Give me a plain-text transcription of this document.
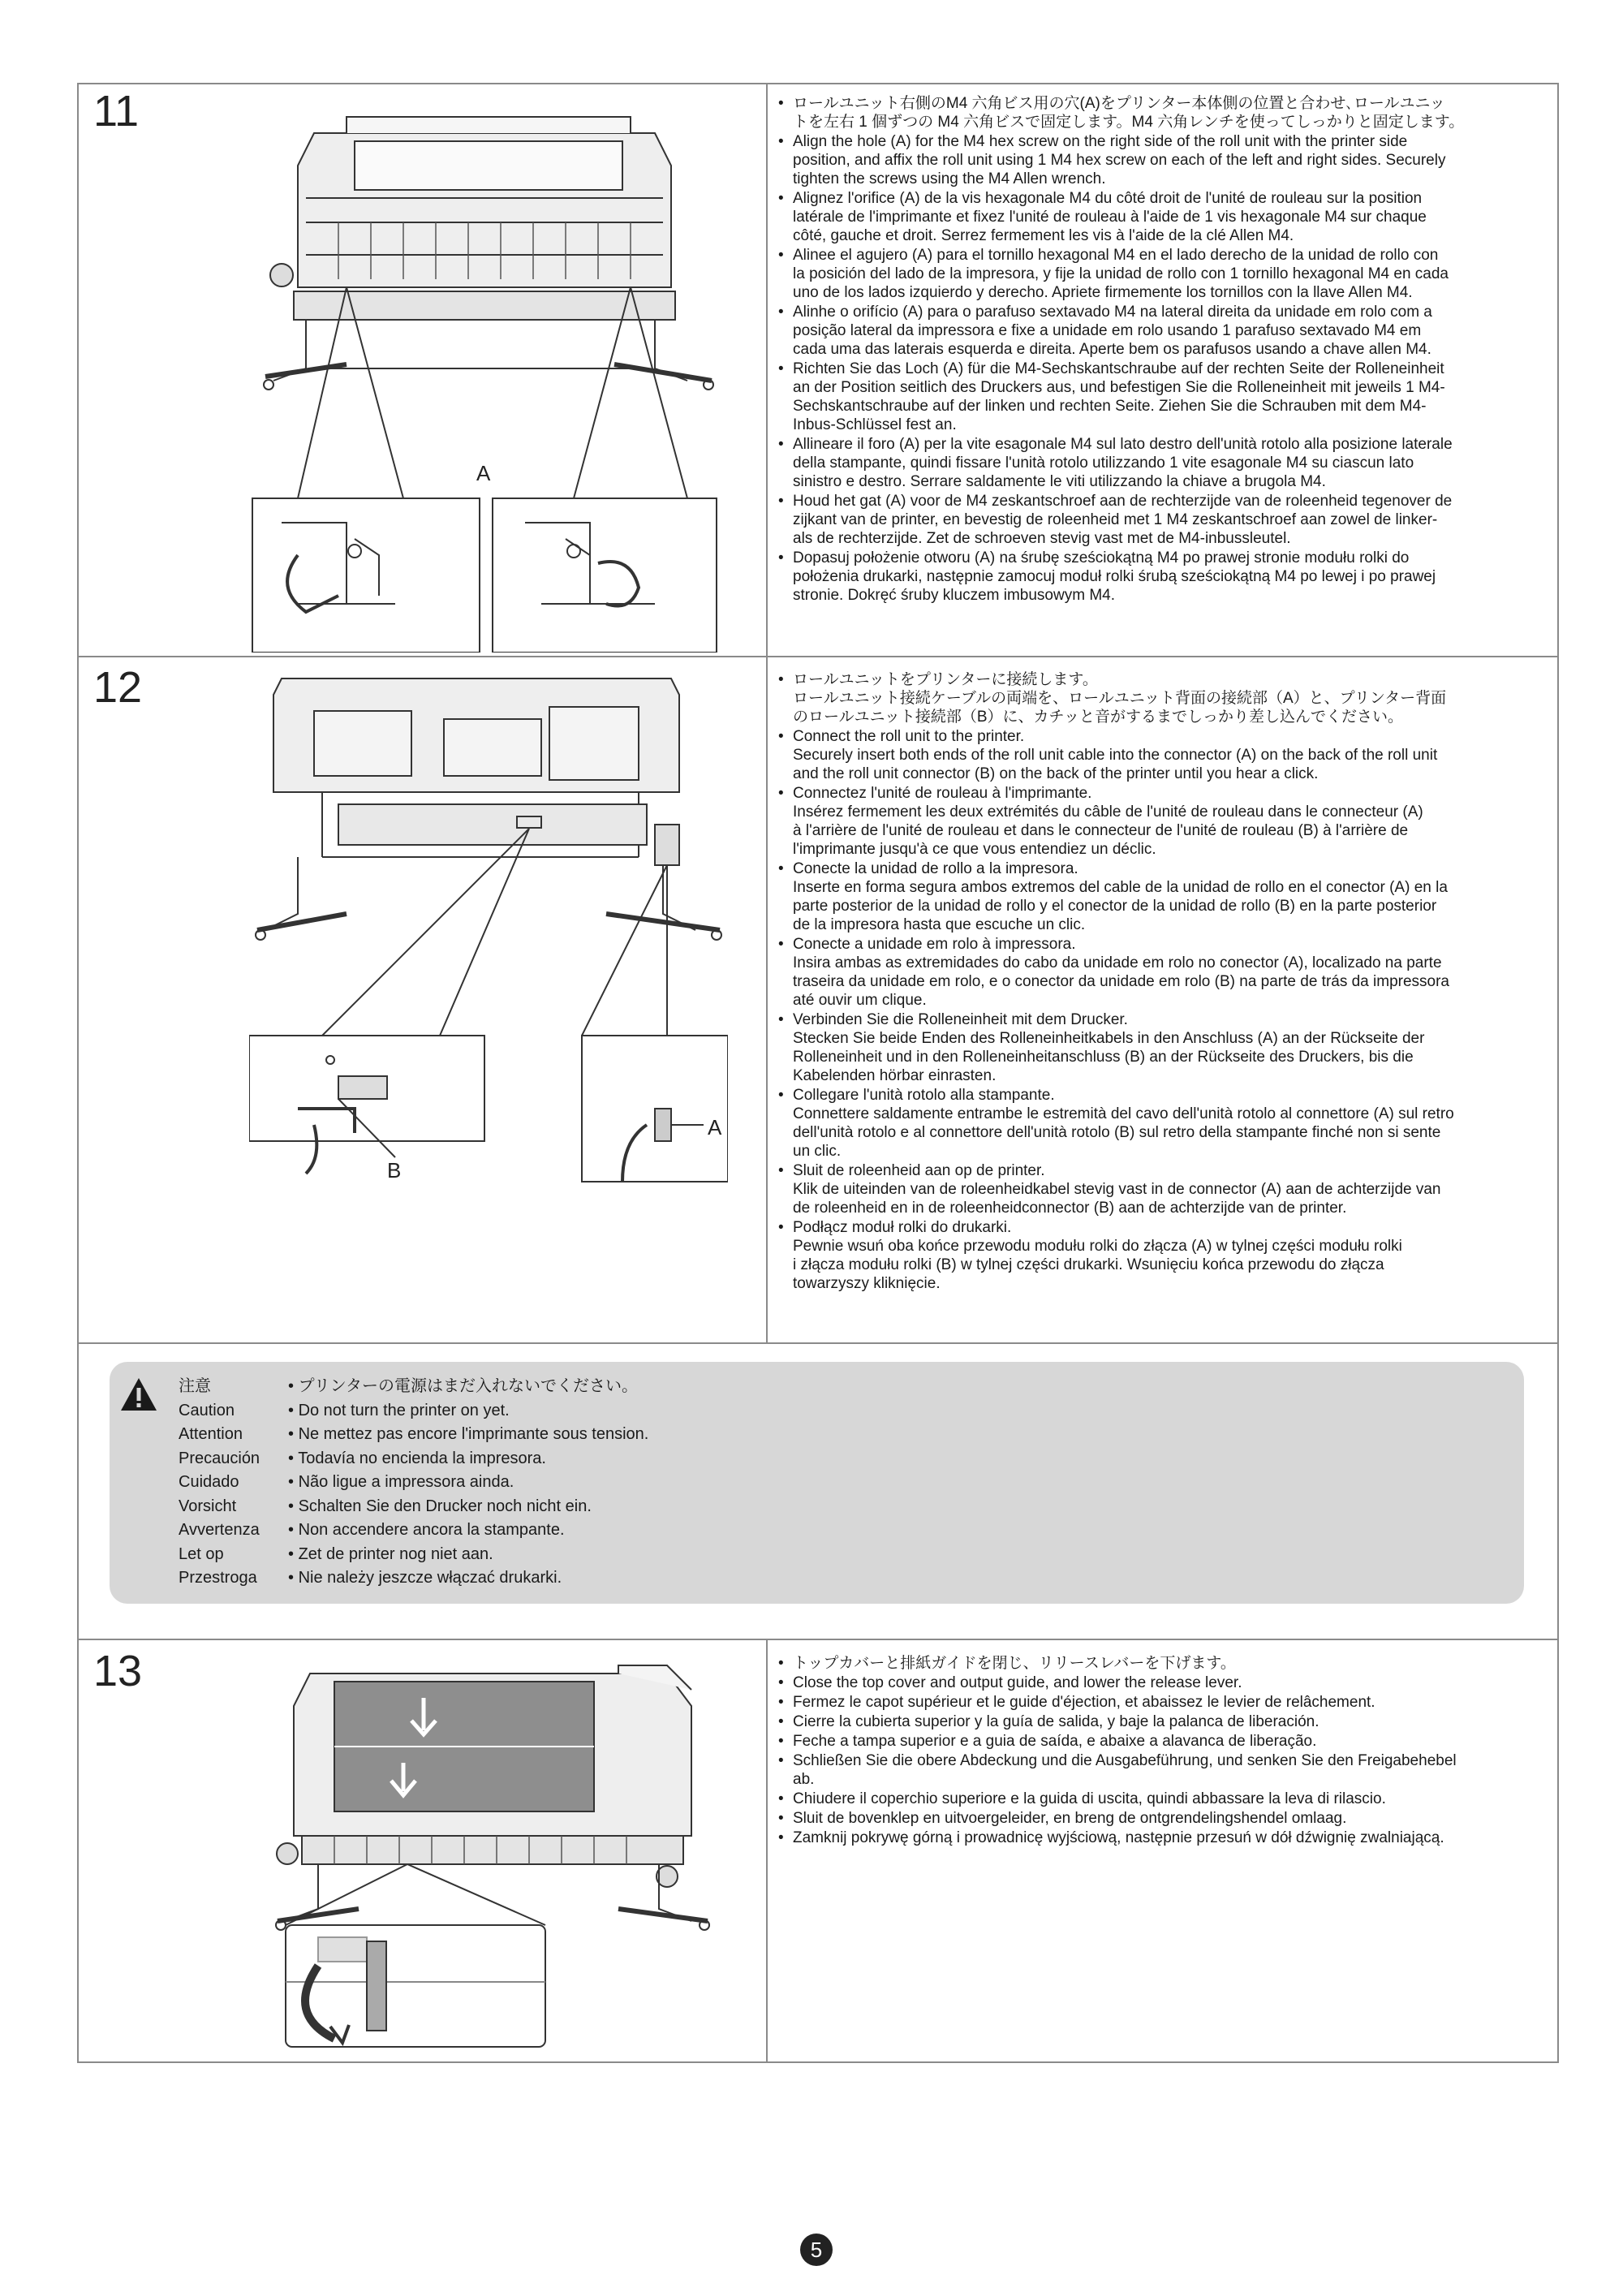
11
A
• ロールユニット右側のM4 六角ビス用の穴(A)をプリンター本体側の位置と合わせ､ロールユニッ
トを左右 1 個ずつの M4 六角ビスで固定します。M4 六角レンチを使ってしっかりと固定します。
• Align the hole (A) for the M4 hex screw on the right side of the roll unit with the printer side
position, and affix the roll unit using 1 M4 hex screw on each of the left and right sides. Securely
tighten the screws using the M4 Allen wrench.
• Alignez l'orifice (A) de la vis hexagonale M4 du côté droit de l'unité de rouleau sur la position
latérale de l'imprimante et fixez l'unité de rouleau à l'aide de 1 vis hexagonale M4 sur chaque
côté, gauche et droit. Serrez fermement les vis à l'aide de la clé Allen M4.
• Alinee el agujero (A) para el tornillo hexagonal M4 en el lado derecho de la unidad de rollo con
la posición del lado de la impresora, y fije la unidad de rollo con 1 tornillo hexagonal M4 en cada
uno de los lados izquierdo y derecho. Apriete firmemente los tornillos con la llave Allen M4.
• Alinhe o orifício (A) para o parafuso sextavado M4 na lateral direita da unidade em rolo com a
posição lateral da impressora e fixe a unidade em rolo usando 1 parafuso sextavado M4 em
cada uma das laterais esquerda e direita. Aperte bem os parafusos usando a chave allen M4.
• Richten Sie das Loch (A) für die M4-Sechskantschraube auf der rechten Seite der Rolleneinheit
an der Position seitlich des Druckers aus, und befestigen Sie die Rolleneinheit mit jeweils 1 M4-
Sechskantschraube auf der linken und rechten Seite. Ziehen Sie die Schrauben mit dem M4-
Inbus-Schlüssel fest an.
• Allineare il foro (A) per la vite esagonale M4 sul lato destro dell'unità rotolo alla posizione laterale
della stampante, quindi fissare l'unità rotolo utilizzando 1 vite esagonale M4 su ciascun lato
sinistro e destro. Serrare saldamente le viti utilizzando la chiave a brugola M4.
• Houd het gat (A) voor de M4 zeskantschroef aan de rechterzijde van de roleenheid tegenover de
zijkant van de printer, en bevestig de roleenheid met 1 M4 zeskantschroef aan zowel de linker-
als de rechterzijde. Zet de schroeven stevig vast met de M4-inbussleutel.
• Dopasuj położenie otworu (A) na śrubę sześciokątną M4 po prawej stronie modułu rolki do
położenia drukarki, następnie zamocuj moduł rolki śrubą sześciokątną M4 po lewej i po prawej
stronie. Dokręć śruby kluczem imbusowym M4.
12
A
B
• ロールユニットをプリンターに接続します。
ロールユニット接続ケーブルの両端を、ロールユニット背面の接続部（A）と、プリンター背面
のロールユニット接続部（B）に、カチッと音がするまでしっかり差し込んでください。
• Connect the roll unit to the printer.
Securely insert both ends of the roll unit cable into the connector (A) on the back of the roll unit
and the roll unit connector (B) on the back of the printer until you hear a click.
• Connectez l'unité de rouleau à l'imprimante.
Insérez fermement les deux extrémités du câble de l'unité de rouleau dans le connecteur (A)
à l'arrière de l'unité de rouleau et dans le connecteur de l'unité de rouleau (B) à l'arrière de
l'imprimante jusqu'à ce que vous entendiez un déclic.
• Conecte la unidad de rollo a la impresora.
Inserte en forma segura ambos extremos del cable de la unidad de rollo en el conector (A) en la
parte posterior de la unidad de rollo y el conector de la unidad de rollo (B) en la parte posterior
de la impresora hasta que escuche un clic.
• Conecte a unidade em rolo à impressora.
Insira ambas as extremidades do cabo da unidade em rolo no conector (A), localizado na parte
traseira da unidade em rolo, e o conector da unidade em rolo (B) na parte de trás da impressora
até ouvir um clique.
• Verbinden Sie die Rolleneinheit mit dem Drucker.
Stecken Sie beide Enden des Rolleneinheitkabels in den Anschluss (A) an der Rückseite der
Rolleneinheit und in den Rolleneinheitanschluss (B) an der Rückseite des Druckers, bis die
Kabelenden hörbar einrasten.
• Collegare l'unità rotolo alla stampante.
Connettere saldamente entrambe le estremità del cavo dell'unità rotolo al connettore (A) sul retro
dell'unità rotolo e al connettore dell'unità rotolo (B) sul retro della stampante finché non si sente
un clic.
• Sluit de roleenheid aan op de printer.
Klik de uiteinden van de roleenheidkabel stevig vast in de connector (A) aan de achterzijde van
de roleenheid en in de roleenheidconnector (B) aan de achterzijde van de printer.
• Podłącz moduł rolki do drukarki.
Pewnie wsuń oba końce przewodu modułu rolki do złącza (A) w tylnej części modułu rolki
i złącza modułu rolki (B) w tylnej części drukarki. Wsunięciu końca przewodu do złącza
towarzyszy kliknięcie.
注意	• プリンターの電源はまだ入れないでください。
Caution	• Do not turn the printer on yet.
Attention	• Ne mettez pas encore l'imprimante sous tension.
Precaución	• Todavía no encienda la impresora.
Cuidado	• Não ligue a impressora ainda.
Vorsicht	• Schalten Sie den Drucker noch nicht ein.
Avvertenza	• Non accendere ancora la stampante.
Let op	• Zet de printer nog niet aan.
Przestroga	• Nie należy jeszcze włączać drukarki.
13	• トップカバーと排紙ガイドを閉じ、リリースレバーを下げます。
• Close the top cover and output guide, and lower the release lever.
• Fermez le capot supérieur et le guide d'éjection, et abaissez le levier de relâchement.
• Cierre la cubierta superior y la guía de salida, y baje la palanca de liberación.
• Feche a tampa superior e a guia de saída, e abaixe a alavanca de liberação.
• Schließen Sie die obere Abdeckung und die Ausgabeführung, und senken Sie den Freigabehebel
ab.
• Chiudere il coperchio superiore e la guida di uscita, quindi abbassare la leva di rilascio.
• Sluit de bovenklep en uitvoergeleider, en breng de ontgrendelingshendel omlaag.
• Zamknij pokrywę górną i prowadnicę wyjściową, następnie przesuń w dół dźwignię zwalniającą.
5
